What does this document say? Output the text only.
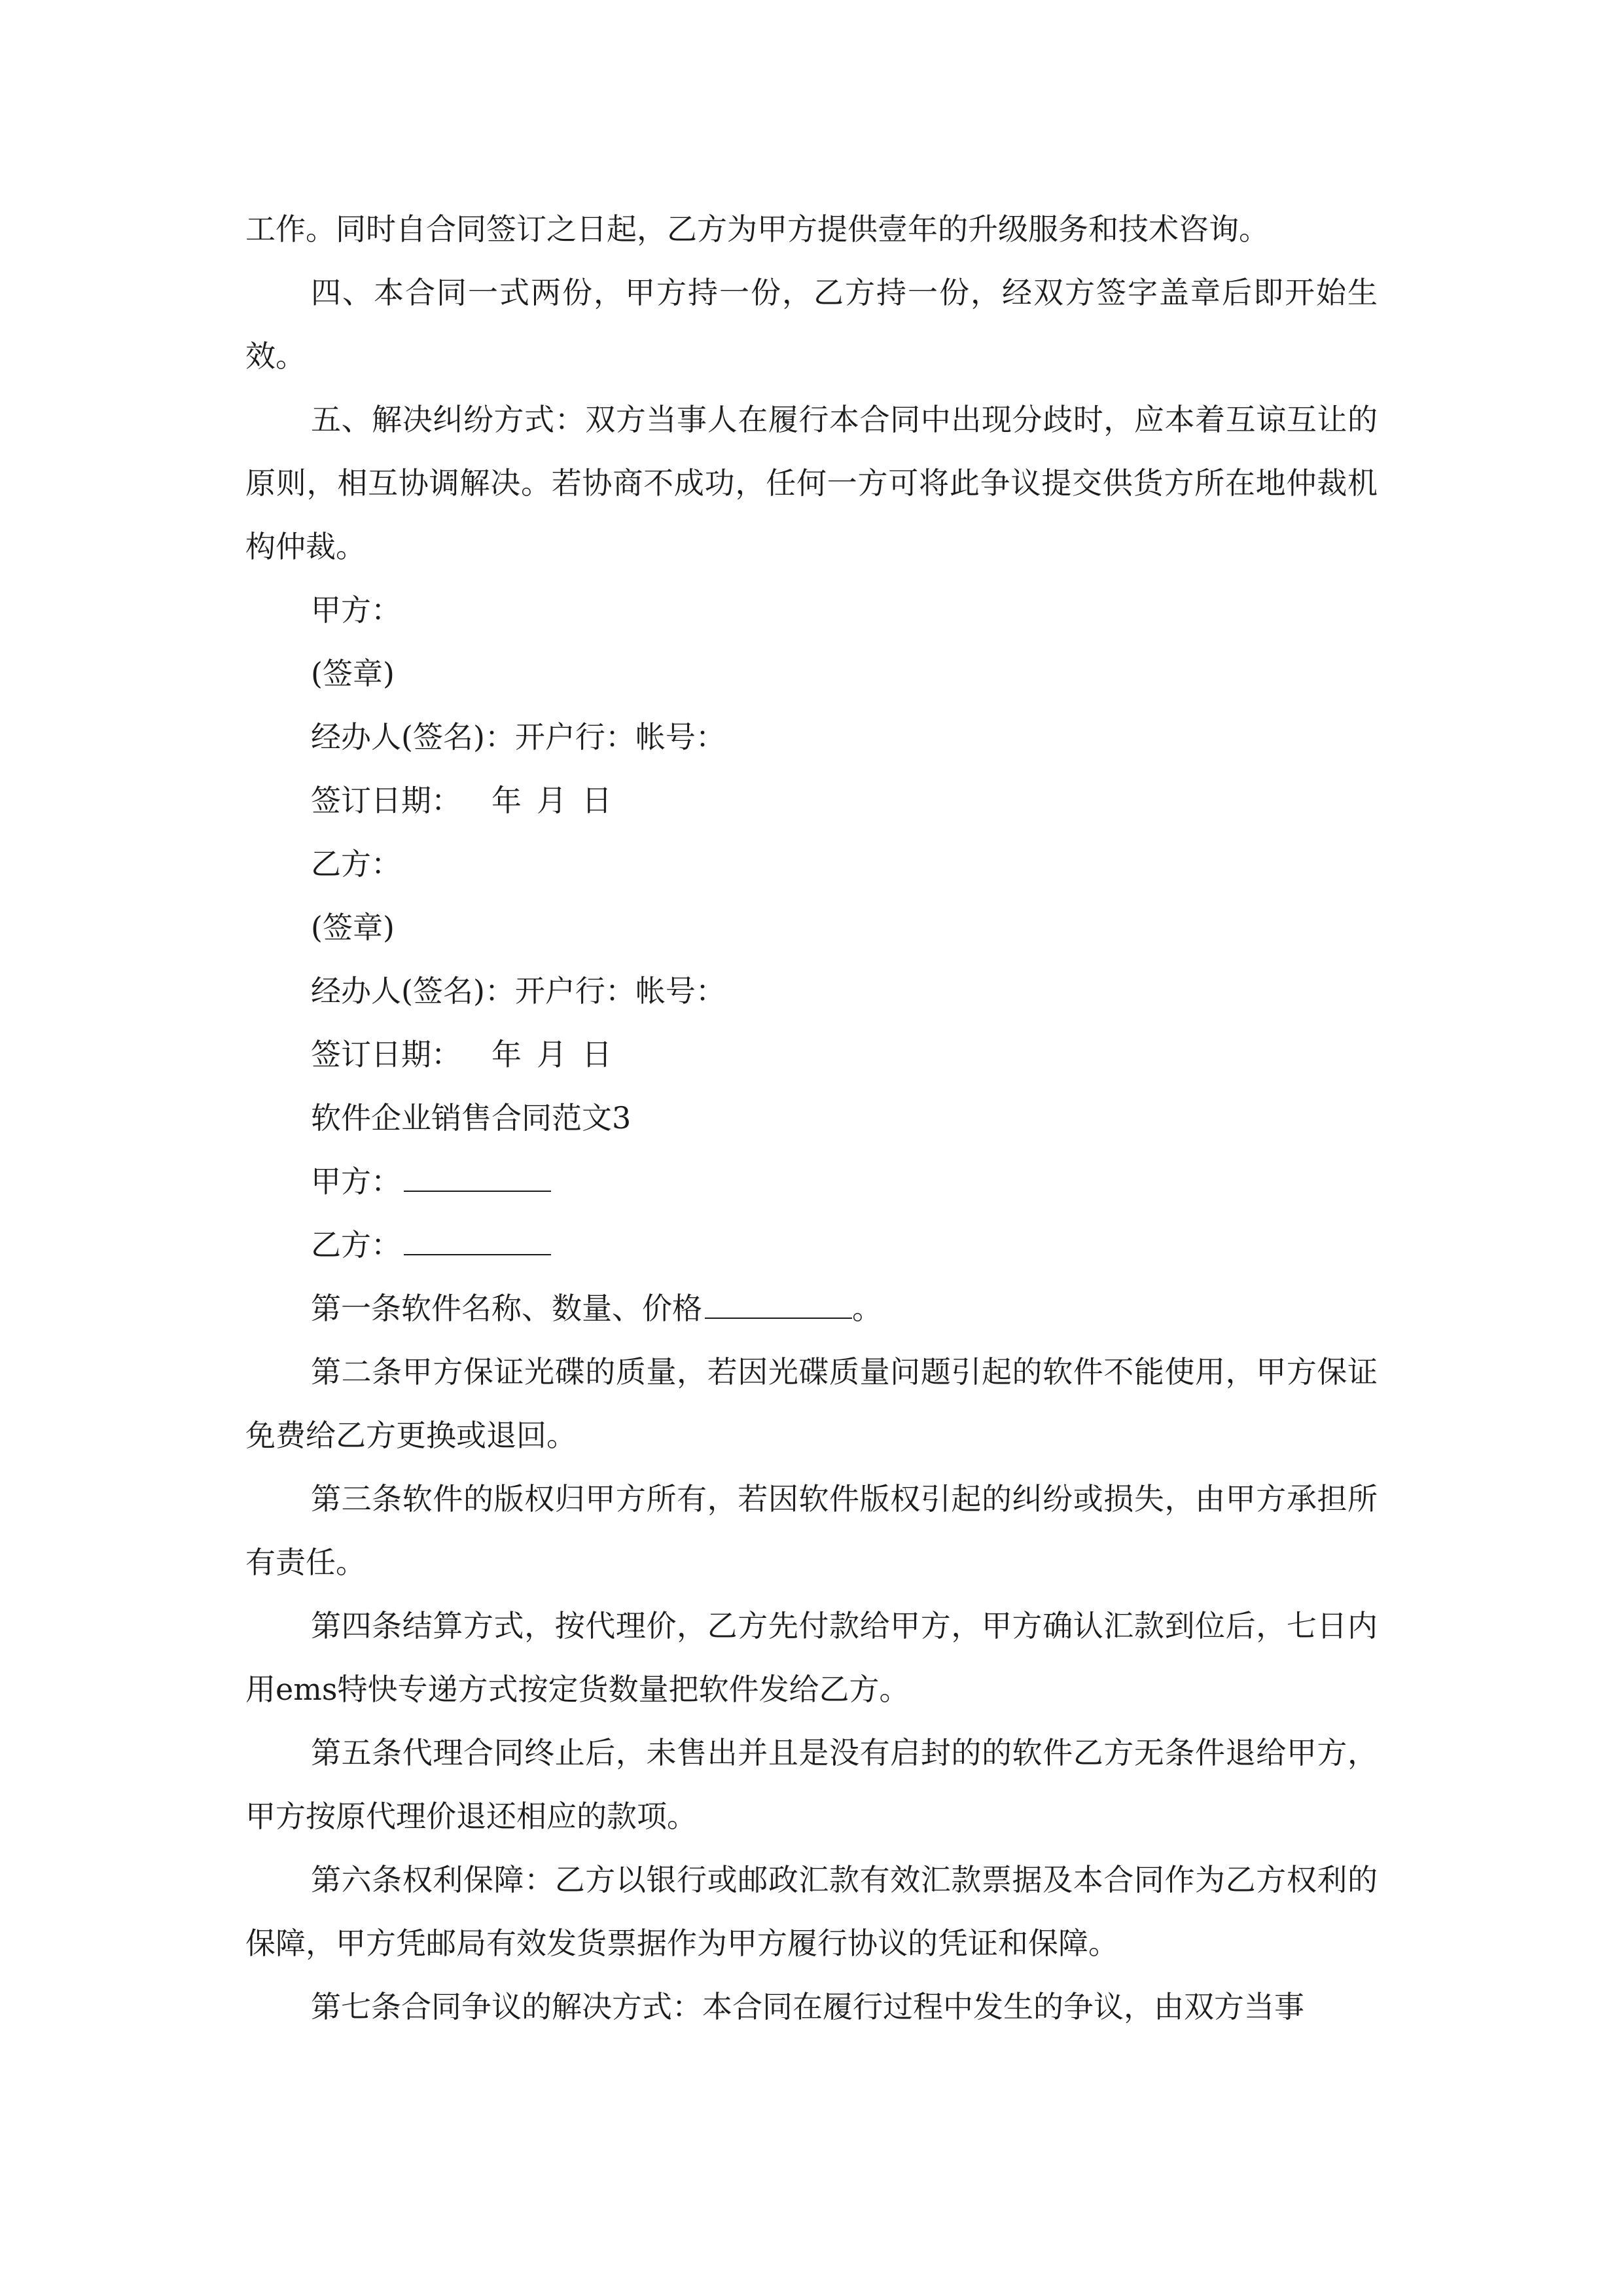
工作。同时自合同签订之日起，乙方为甲方提供壹年的升级服务和技术咨询。

四、本合同一式两份，甲方持一份，乙方持一份，经双方签字盖章后即开始生效。

五、解决纠纷方式：双方当事人在履行本合同中出现分歧时，应本着互谅互让的原则，相互协调解决。若协商不成功，任何一方可将此争议提交供货方所在地仲裁机构仲裁。

甲方：

(签章)

经办人(签名)：开户行：帐号：

签订日期： 年 月 日

乙方：

(签章)

经办人(签名)：开户行：帐号：

签订日期： 年 月 日

软件企业销售合同范文3

甲方：

乙方：

第一条软件名称、数量、价格	。

第二条甲方保证光碟的质量，若因光碟质量问题引起的软件不能使用，甲方保证免费给乙方更换或退回。

第三条软件的版权归甲方所有，若因软件版权引起的纠纷或损失，由甲方承担所有责任。

第四条结算方式，按代理价，乙方先付款给甲方，甲方确认汇款到位后，七日内用ems特快专递方式按定货数量把软件发给乙方。

第五条代理合同终止后，未售出并且是没有启封的的软件乙方无条件退给甲方，甲方按原代理价退还相应的款项。

第六条权利保障：乙方以银行或邮政汇款有效汇款票据及本合同作为乙方权利的保障，甲方凭邮局有效发货票据作为甲方履行协议的凭证和保障。

第七条合同争议的解决方式：本合同在履行过程中发生的争议，由双方当事
